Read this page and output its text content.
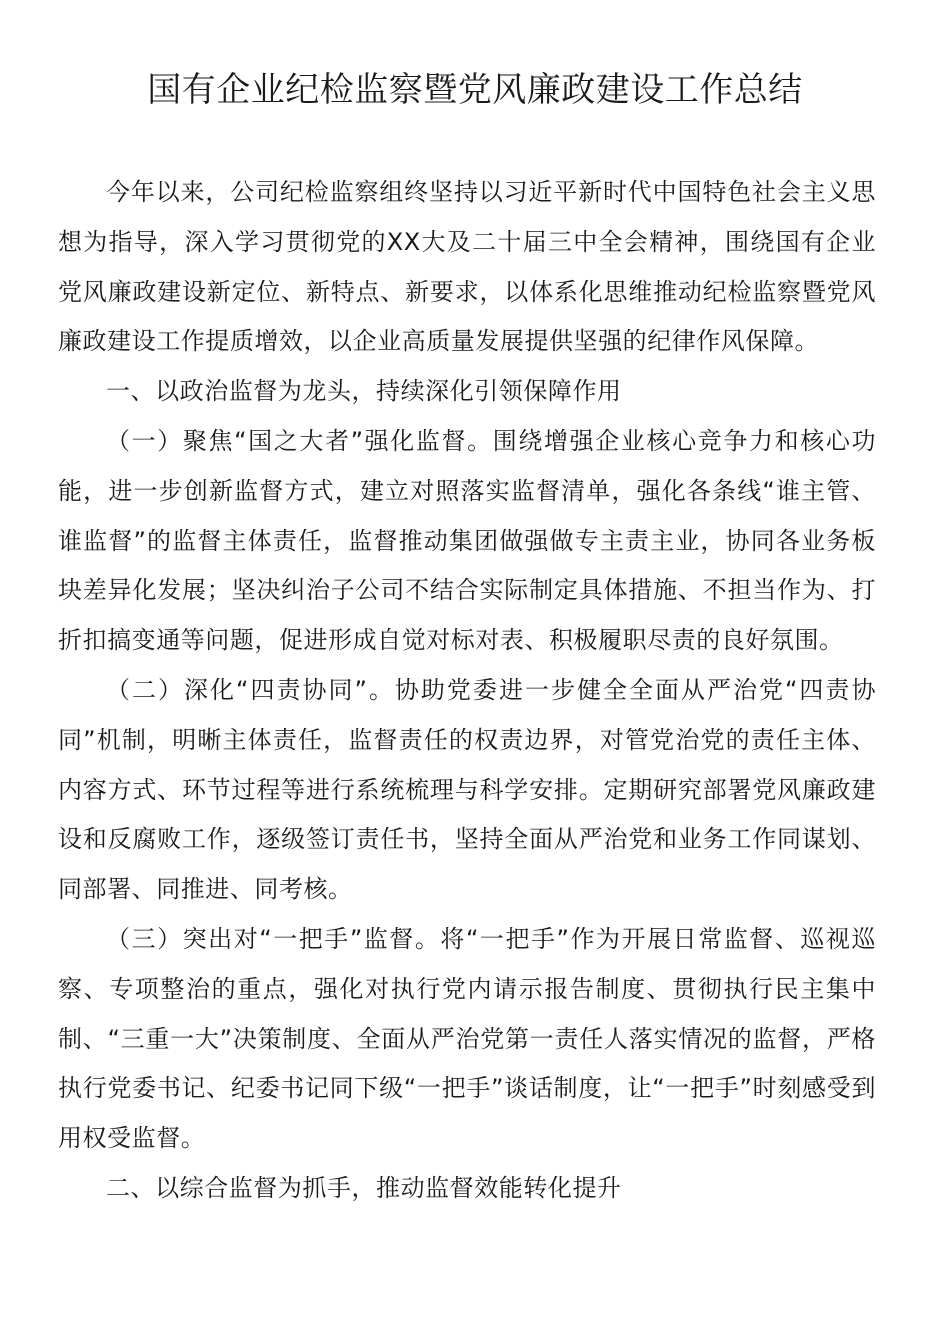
国有企业纪检监察暨党风廉政建设工作总结

今年以来，公司纪检监察组终坚持以习近平新时代中国特色社会主义思想为指导，深入学习贯彻党的XX大及二十届三中全会精神，围绕国有企业党风廉政建设新定位、新特点、新要求，以体系化思维推动纪检监察暨党风廉政建设工作提质增效，以企业高质量发展提供坚强的纪律作风保障。

一、以政治监督为龙头，持续深化引领保障作用

（一）聚焦“国之大者”强化监督。围绕增强企业核心竞争力和核心功能，进一步创新监督方式，建立对照落实监督清单，强化各条线“谁主管、谁监督”的监督主体责任，监督推动集团做强做专主责主业，协同各业务板块差异化发展；坚决纠治子公司不结合实际制定具体措施、不担当作为、打折扣搞变通等问题，促进形成自觉对标对表、积极履职尽责的良好氛围。

（二）深化“四责协同”。协助党委进一步健全全面从严治党“四责协同”机制，明晰主体责任，监督责任的权责边界，对管党治党的责任主体、内容方式、环节过程等进行系统梳理与科学安排。定期研究部署党风廉政建设和反腐败工作，逐级签订责任书，坚持全面从严治党和业务工作同谋划、同部署、同推进、同考核。

（三）突出对“一把手”监督。将“一把手”作为开展日常监督、巡视巡察、专项整治的重点，强化对执行党内请示报告制度、贯彻执行民主集中制、“三重一大”决策制度、全面从严治党第一责任人落实情况的监督，严格执行党委书记、纪委书记同下级“一把手”谈话制度，让“一把手”时刻感受到用权受监督。

二、以综合监督为抓手，推动监督效能转化提升
